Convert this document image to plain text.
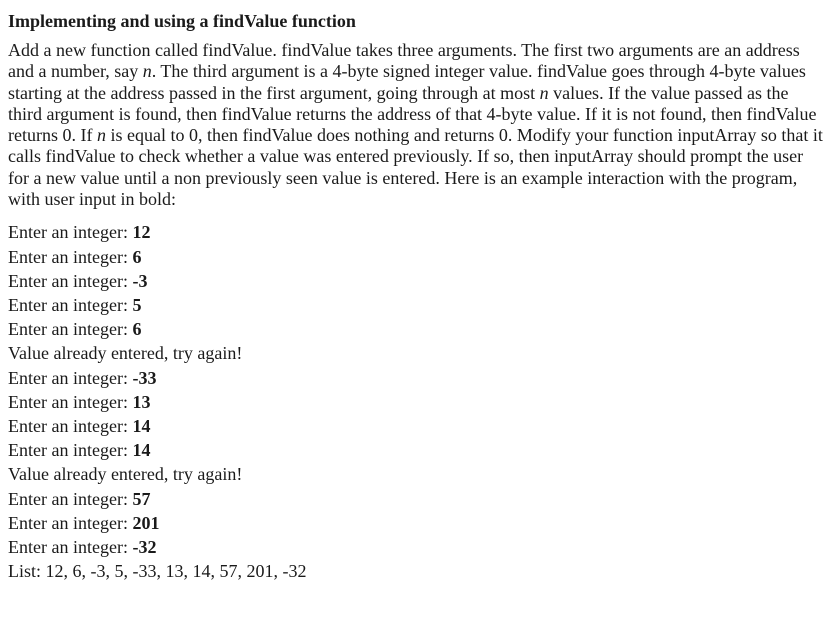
Implementing and using a findValue function

Add a new function called findValue. findValue takes three arguments. The first two arguments are an address and a number, say n. The third argument is a 4-byte signed integer value. findValue goes through 4-byte values starting at the address passed in the first argument, going through at most n values. If the value passed as the third argument is found, then findValue returns the address of that 4-byte value. If it is not found, then findValue returns 0. If n is equal to 0, then findValue does nothing and returns 0. Modify your function inputArray so that it calls findValue to check whether a value was entered previously. If so, then inputArray should prompt the user for a new value until a non previously seen value is entered. Here is an example interaction with the program, with user input in bold:

Enter an integer: 12
Enter an integer: 6
Enter an integer: -3
Enter an integer: 5
Enter an integer: 6
Value already entered, try again!
Enter an integer: -33
Enter an integer: 13
Enter an integer: 14
Enter an integer: 14
Value already entered, try again!
Enter an integer: 57
Enter an integer: 201
Enter an integer: -32
List: 12, 6, -3, 5, -33, 13, 14, 57, 201, -32
